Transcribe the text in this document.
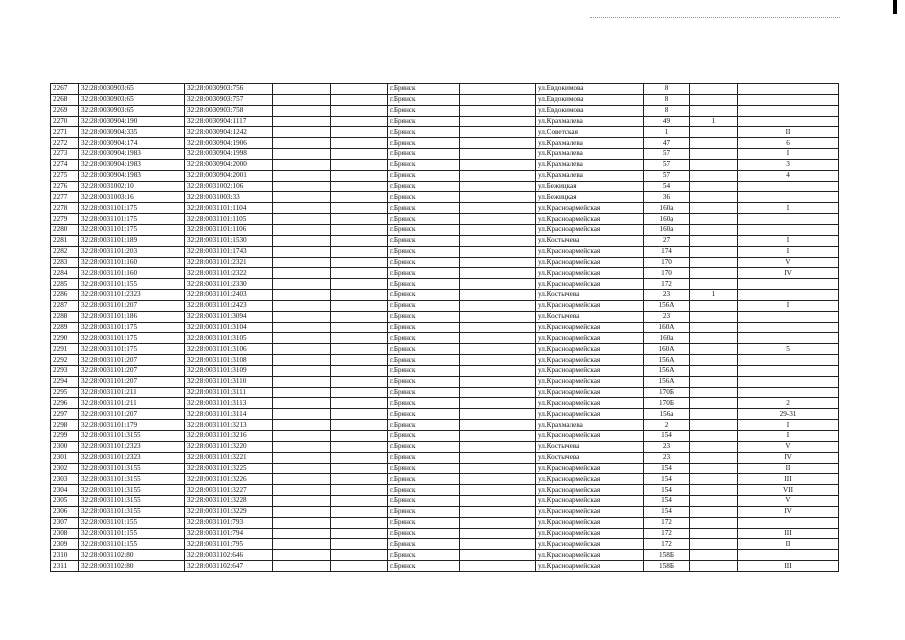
2267	32:28:0030903:65	32:28:0030903:756			г.Брянск		ул.Евдокимова	8		
2268	32:28:0030903:65	32:28:0030903:757			г.Брянск		ул.Евдокимова	8		
2269	32:28:0030903:65	32:28:0030903:758			г.Брянск		ул.Евдокимова	8		
2270	32:28:0030904:190	32:28:0030904:1117			г.Брянск		ул.Крахмалева	49	1	
2271	32:28:0030904:335	32:28:0030904:1242			г.Брянск		ул.Советская	1		II
2272	32:28:0030904:174	32:28:0030904:1906			г.Брянск		ул.Крахмалева	47		6
2273	32:28:0030904:1983	32:28:0030904:1998			г.Брянск		ул.Крахмалева	57		I
2274	32:28:0030904:1983	32:28:0030904:2000			г.Брянск		ул.Крахмалева	57		3
2275	32:28:0030904:1983	32:28:0030904:2001			г.Брянск		ул.Крахмалева	57		4
2276	32:28:0031002:10	32:28:0031002:106			г.Брянск		ул.Бежицкая	54		
2277	32:28:0031003:16	32:28:0031003:33			г.Брянск		ул.Бежицкая	36		
2278	32:28:0031101:175	32:28:0031101:1104			г.Брянск		ул.Красноармейская	160а		I
2279	32:28:0031101:175	32:28:0031101:1105			г.Брянск		ул.Красноармейская	160а		
2280	32:28:0031101:175	32:28:0031101:1106			г.Брянск		ул.Красноармейская	160а		
2281	32:28:0031101:189	32:28:0031101:1530			г.Брянск		ул.Костычева	27		I
2282	32:28:0031101:203	32:28:0031101:1743			г.Брянск		ул.Красноармейская	174		I
2283	32:28:0031101:160	32:28:0031101:2321			г.Брянск		ул.Красноармейская	170		V
2284	32:28:0031101:160	32:28:0031101:2322			г.Брянск		ул.Красноармейская	170		IV
2285	32:28:0031101:155	32:28:0031101:2330			г.Брянск		ул.Красноармейская	172		
2286	32:28:0031101:2323	32:28:0031101:2403			г.Брянск		ул.Костычева	23	1	
2287	32:28:0031101:207	32:28:0031101:2423			г.Брянск		ул.Красноармейская	156А		I
2288	32:28:0031101:186	32:28:0031101:3094			г.Брянск		ул.Костычева	23		
2289	32:28:0031101:175	32:28:0031101:3104			г.Брянск		ул.Красноармейская	160А		
2290	32:28:0031101:175	32:28:0031101:3105			г.Брянск		ул.Красноармейская	160а		
2291	32:28:0031101:175	32:28:0031101:3106			г.Брянск		ул.Красноармейская	160А		5
2292	32:28:0031101:207	32:28:0031101:3108			г.Брянск		ул.Красноармейская	156А		
2293	32:28:0031101:207	32:28:0031101:3109			г.Брянск		ул.Красноармейская	156А		
2294	32:28:0031101:207	32:28:0031101:3110			г.Брянск		ул.Красноармейская	156А		
2295	32:28:0031101:211	32:28:0031101:3111			г.Брянск		ул.Красноармейская	170Б		
2296	32:28:0031101:211	32:28:0031101:3113			г.Брянск		ул.Красноармейская	170Б		2
2297	32:28:0031101:207	32:28:0031101:3114			г.Брянск		ул.Красноармейская	156а		29-31
2298	32:28:0031101:179	32:28:0031101:3213			г.Брянск		ул.Крахмалева	2		I
2299	32:28:0031101:3155	32:28:0031101:3216			г.Брянск		ул.Красноармейская	154		I
2300	32:28:0031101:2323	32:28:0031101:3220			г.Брянск		ул.Костычева	23		V
2301	32:28:0031101:2323	32:28:0031101:3221			г.Брянск		ул.Костычева	23		IV
2302	32:28:0031101:3155	32:28:0031101:3225			г.Брянск		ул.Красноармейская	154		II
2303	32:28:0031101:3155	32:28:0031101:3226			г.Брянск		ул.Красноармейская	154		III
2304	32:28:0031101:3155	32:28:0031101:3227			г.Брянск		ул.Красноармейская	154		VII
2305	32:28:0031101:3155	32:28:0031101:3228			г.Брянск		ул.Красноармейская	154		V
2306	32:28:0031101:3155	32:28:0031101:3229			г.Брянск		ул.Красноармейская	154		IV
2307	32:28:0031101:155	32:28:0031101:793			г.Брянск		ул.Красноармейская	172		
2308	32:28:0031101:155	32:28:0031101:794			г.Брянск		ул.Красноармейская	172		III
2309	32:28:0031101:155	32:28:0031101:795			г.Брянск		ул.Красноармейская	172		II
2310	32:28:0031102:80	32:28:0031102:646			г.Брянск		ул.Красноармейская	158Б		
2311	32:28:0031102:80	32:28:0031102:647			г.Брянск		ул.Красноармейская	158Б		III
